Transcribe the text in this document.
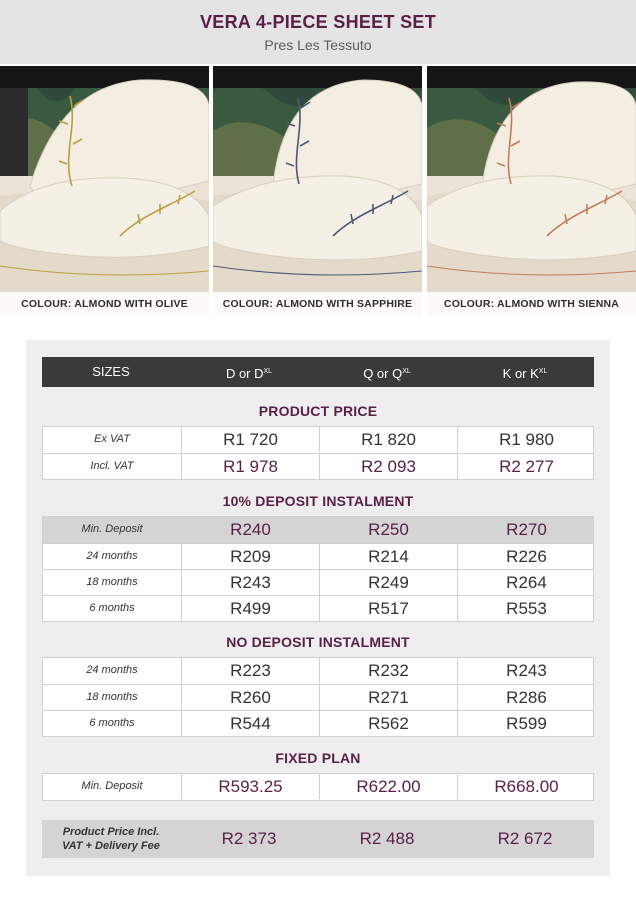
VERA 4-PIECE SHEET SET
Pres Les Tessuto
COLOUR: ALMOND WITH OLIVE	COLOUR: ALMOND WITH SAPPHIRE	COLOUR: ALMOND WITH SIENNA
SIZES	D or $D^{XL}$	Q or $Q^{XL}$	K or $K^{XL}$
PRODUCT PRICE
Ex VAT	R1 720	R1 820	R1 980
Incl. VAT	R1 978	R2 093	R2 277
10% DEPOSIT INSTALMENT
Min. Deposit	R240	R250	R270
24 months	R209	R214	R226
18 months	R243	R249	R264
6 months	R499	R517	R553
NO DEPOSIT INSTALMENT
24 months	R223	R232	R243
18 months	R260	R271	R286
6 months	R544	R562	R599
FIXED PLAN
Min. Deposit	R593.25	R622.00	R668.00
Product Price Incl.
VAT + Delivery Fee	R2 373	R2 488	R2 672
